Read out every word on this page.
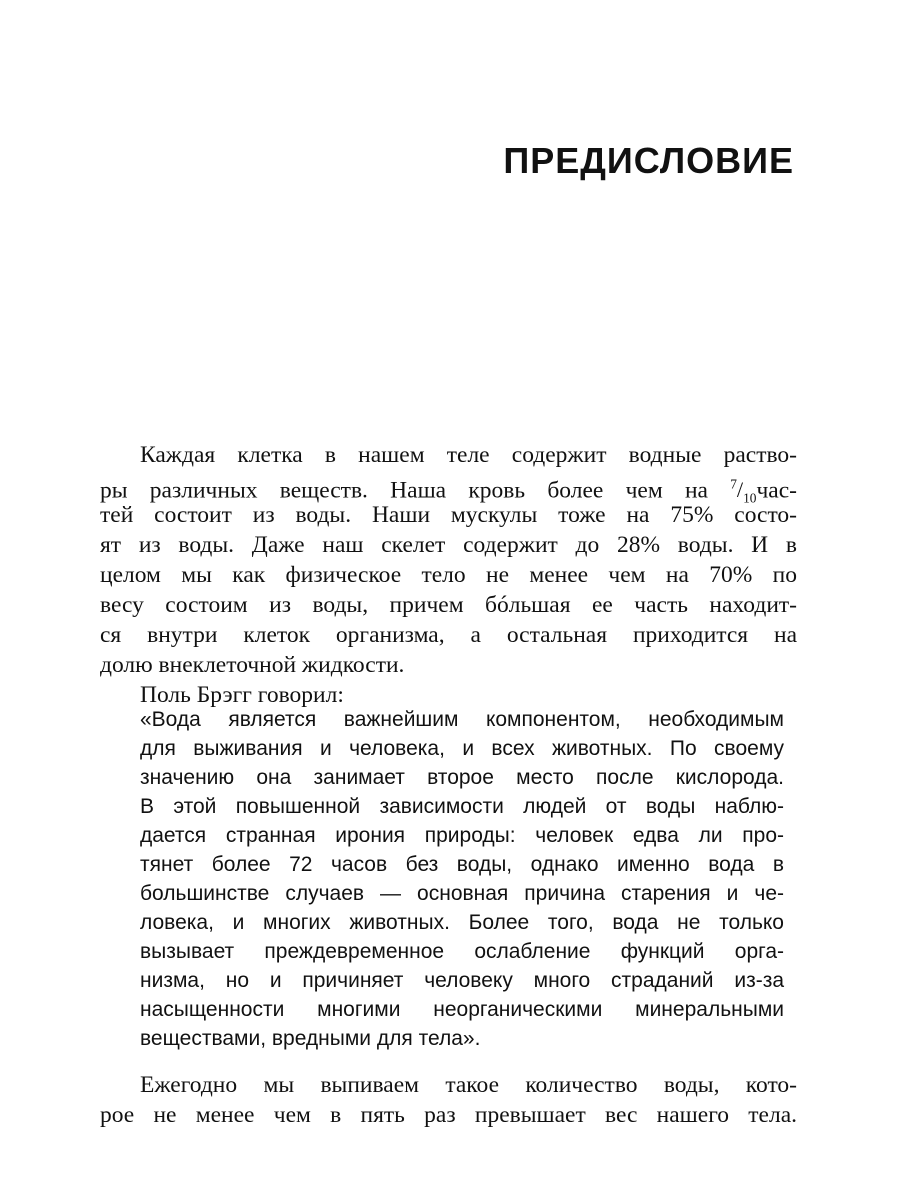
ПРЕДИСЛОВИЕ
Каждая клетка в нашем теле содержит водные раство-
ры различных веществ. Наша кровь более чем на $^7/_{10}час-$
тей состоит из воды. Наши мускулы тоже на 75% состо-
ят из воды. Даже наш скелет содержит до 28% воды. И в
целом мы как физическое тело не менее чем на 70% по
весу состоим из воды, причем бóльшая ее часть находит-
ся внутри клеток организма, а остальная приходится на
долю внеклеточной жидкости.
Поль Брэгг говорил:
«Вода является важнейшим компонентом, необходимым
для выживания и человека, и всех животных. По своему
значению она занимает второе место после кислорода.
В этой повышенной зависимости людей от воды наблю-
дается странная ирония природы: человек едва ли про-
тянет более 72 часов без воды, однако именно вода в
большинстве случаев — основная причина старения и че-
ловека, и многих животных. Более того, вода не только
вызывает преждевременное ослабление функций орга-
низма, но и причиняет человеку много страданий из-за
насыщенности многими неорганическими минеральными
веществами, вредными для тела».
Ежегодно мы выпиваем такое количество воды, кото-
рое не менее чем в пять раз превышает вес нашего тела.
